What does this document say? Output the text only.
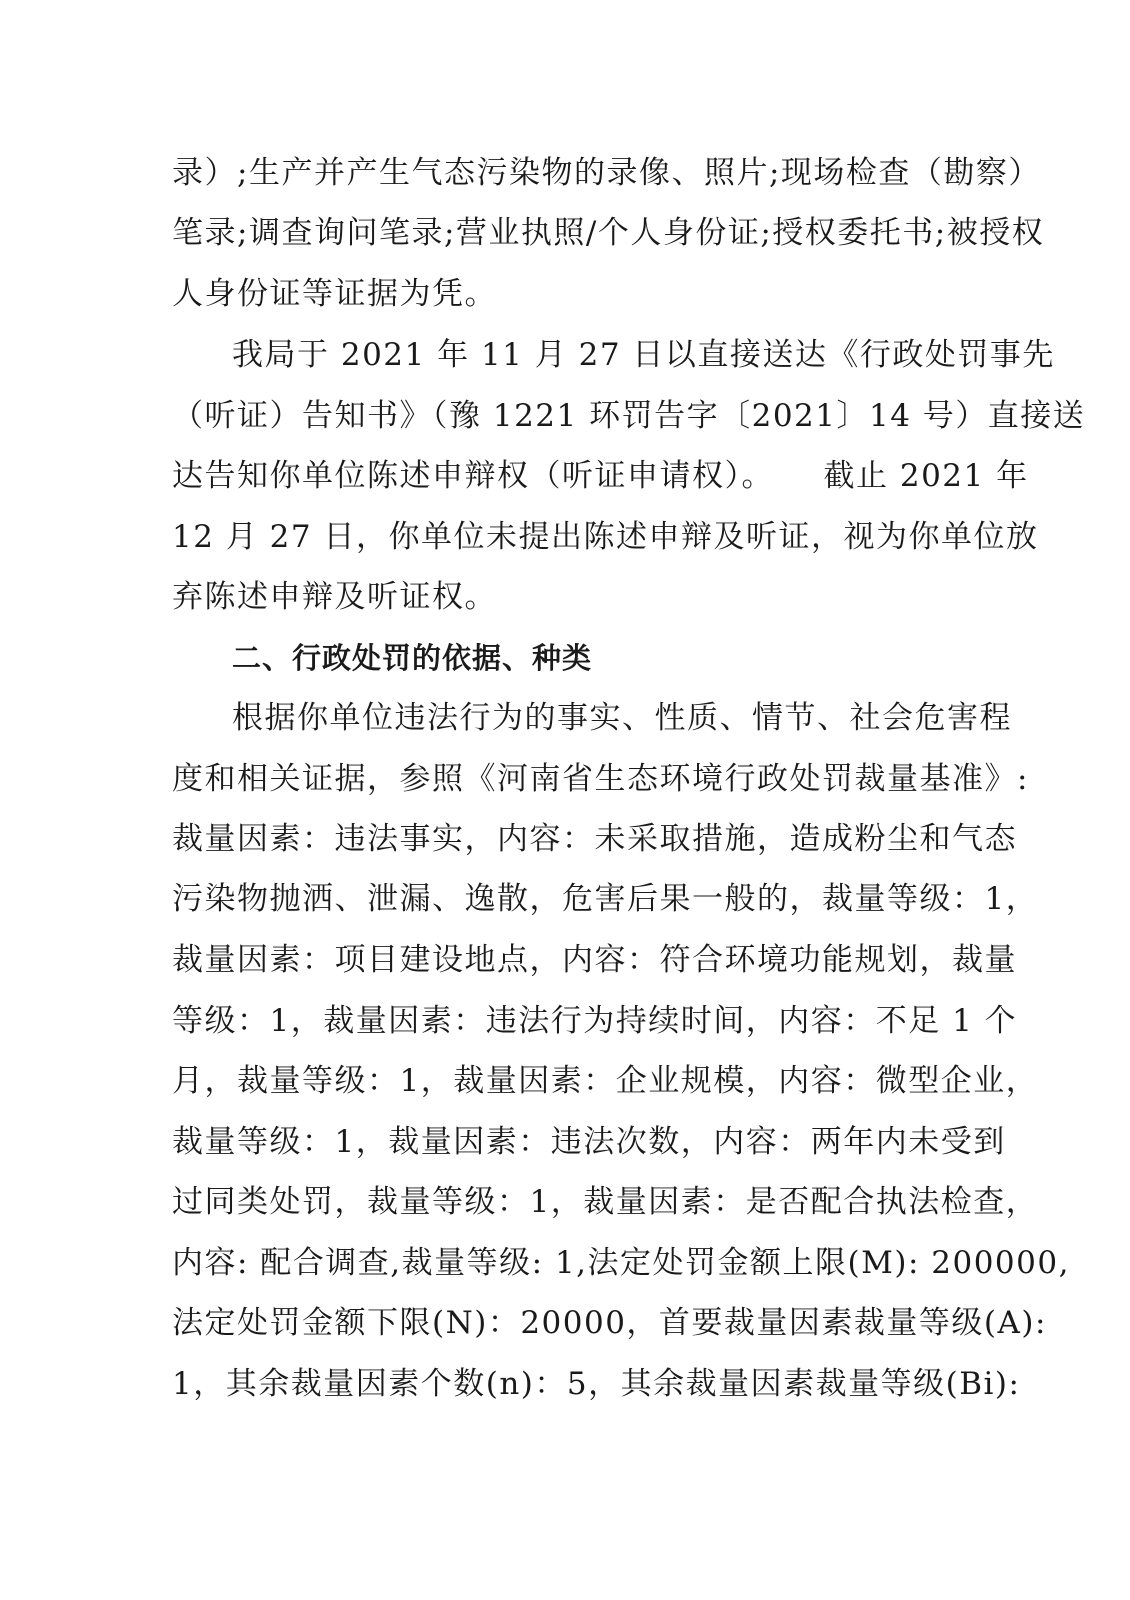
录）;生产并产生气态污染物的录像、照片;现场检查（勘察）
笔录;调查询问笔录;营业执照/个人身份证;授权委托书;被授权
人身份证等证据为凭。
我局于 2021 年 11 月 27 日以直接送达《行政处罚事先
（听证）告知书》（豫 1221 环罚告字〔2021〕14 号）直接送
达告知你单位陈述申辩权（听证申请权）。　　截止 2021 年
12 月 27 日，你单位未提出陈述申辩及听证，视为你单位放
弃陈述申辩及听证权。
二、行政处罚的依据、种类
根据你单位违法行为的事实、性质、情节、社会危害程
度和相关证据，参照《河南省生态环境行政处罚裁量基准》:
裁量因素：违法事实，内容：未采取措施，造成粉尘和气态
污染物抛洒、泄漏、逸散，危害后果一般的，裁量等级：1，
裁量因素：项目建设地点，内容：符合环境功能规划，裁量
等级：1，裁量因素：违法行为持续时间，内容：不足 1 个
月，裁量等级：1，裁量因素：企业规模，内容：微型企业，
裁量等级：1，裁量因素：违法次数，内容：两年内未受到
过同类处罚，裁量等级：1，裁量因素：是否配合执法检查，
内容: 配合调查,裁量等级: 1,法定处罚金额上限(M): 200000,
法定处罚金额下限(N)：20000，首要裁量因素裁量等级(A):
1，其余裁量因素个数(n)：5，其余裁量因素裁量等级(Bi):
